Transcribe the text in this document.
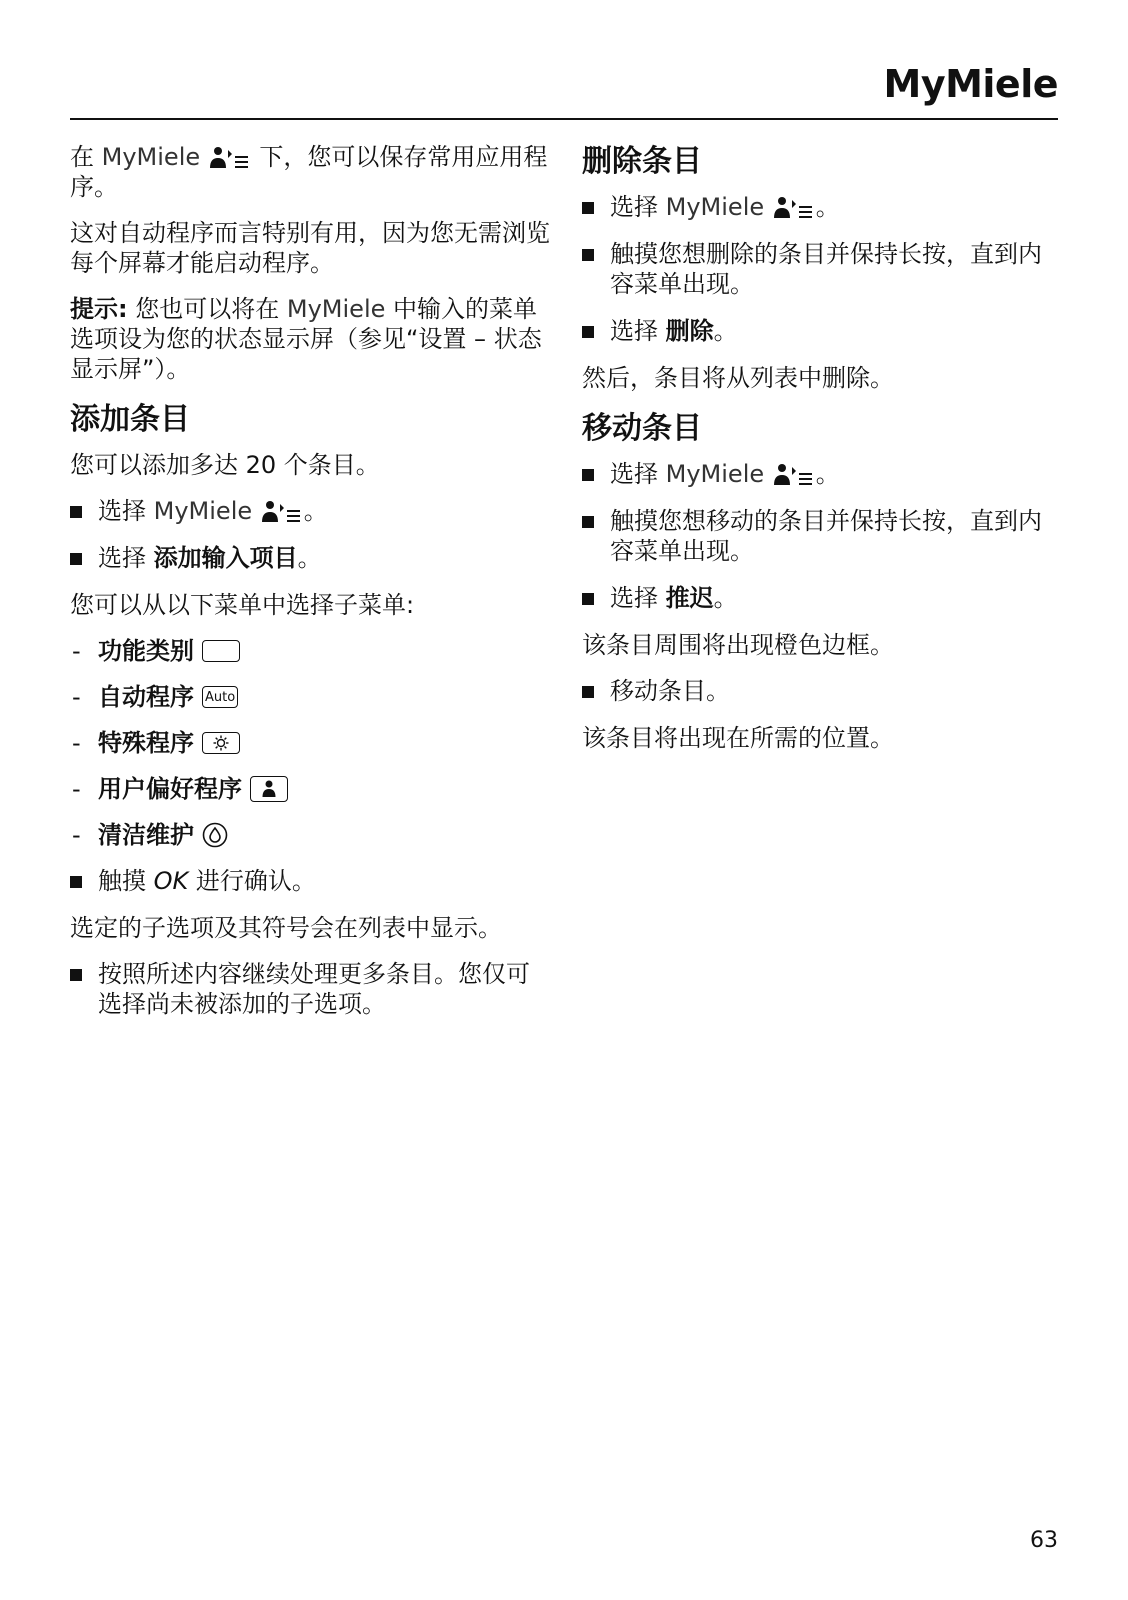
MyMiele

在 MyMiele 下，您可以保存常用应用程序。

这对自动程序而言特别有用，因为您无需浏览每个屏幕才能启动程序。

提示: 您也可以将在 MyMiele 中输入的菜单选项设为您的状态显示屏（参见“设置 – 状态显示屏”）。

添加条目

您可以添加多达 20 个条目。

选择 MyMiele 。
选择 添加输入项目。

您可以从以下菜单中选择子菜单:

- 功能类别
- 自动程序 Auto
- 特殊程序
- 用户偏好程序
- 清洁维护
触摸 OK 进行确认。

选定的子选项及其符号会在列表中显示。

按照所述内容继续处理更多条目。您仅可选择尚未被添加的子选项。
删除条目
选择 MyMiele 。
触摸您想删除的条目并保持长按，直到内容菜单出现。
选择 删除。

然后，条目将从列表中删除。

移动条目
选择 MyMiele 。
触摸您想移动的条目并保持长按，直到内容菜单出现。
选择 推迟。

该条目周围将出现橙色边框。

移动条目。

该条目将出现在所需的位置。

63
